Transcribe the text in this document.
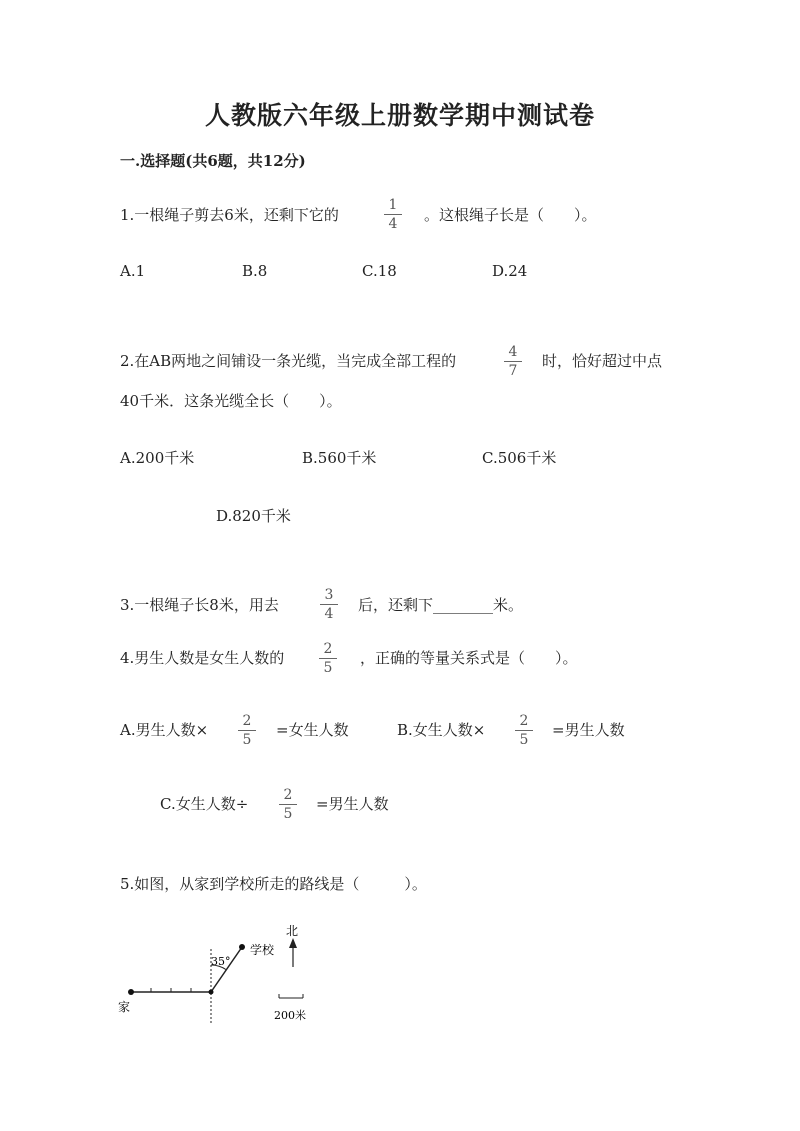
人教版六年级上册数学期中测试卷
一.选择题(共6题，共12分)
1.一根绳子剪去6米，还剩下它的
1
4	。这根绳子长是（　　）。
A.1	B.8	C.18	D.24
2.在AB两地之间铺设一条光缆，当完成全部工程的	4
7
时，恰好超过中点
40千米．这条光缆全长（　　）。
A.200千米	B.560千米	C.506千米
D.820千米
3.一根绳子长8米，用去
3
4	后，还剩下________米。
4.男生人数是女生人数的	2
5
，正确的等量关系式是（　　）。
A.男生人数×	2
5
=女生人数	B.女生人数×	2
5
=男生人数
C.女生人数÷	2
5
=男生人数
5.如图，从家到学校所走的路线是（　　　）。
家
学校
35°
北
200米
